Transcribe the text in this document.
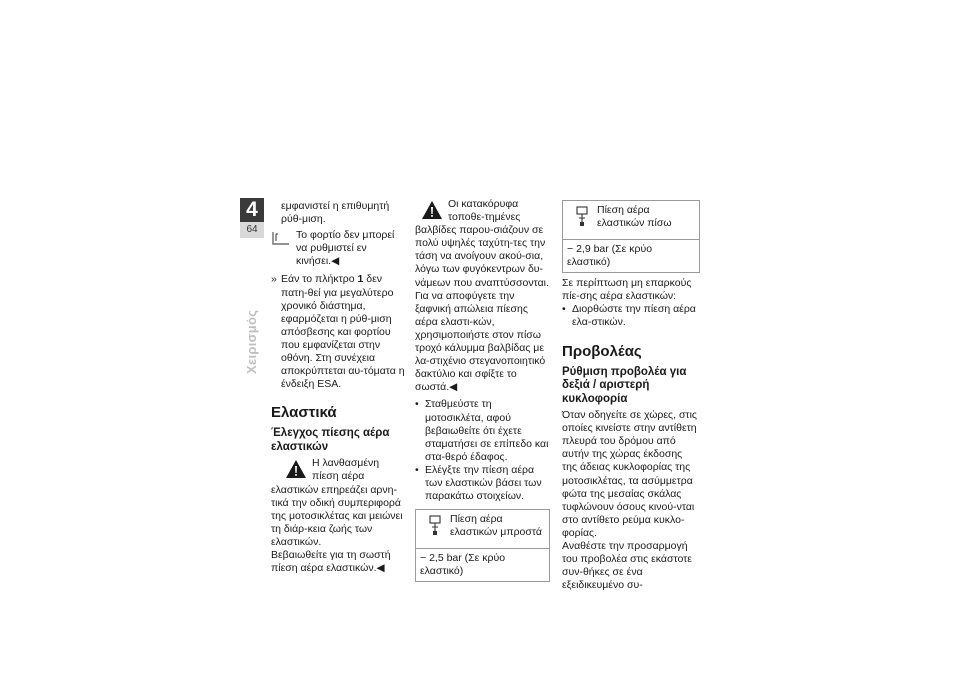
4
64
Χειρισμός

εμφανιστεί η επιθυμητή ρύθ-μιση.

Το φορτίο δεν μπορεί να ρυθμιστεί εν κινήσει.◀

» Εάν το πλήκτρο 1 δεν πατη-θεί για μεγαλύτερο χρονικό διάστημα, εφαρμόζεται η ρύθ-μιση απόσβεσης και φορτίου που εμφανίζεται στην οθόνη. Στη συνέχεια αποκρύπτεται αυ-τόματα η ένδειξη ESA.
Ελαστικά
Έλεγχος πίεσης αέρα ελαστικών

Η λανθασμένη πίεση αέρα ελαστικών επηρεάζει αρνη-τικά την οδική συμπεριφορά της μοτοσικλέτας και μειώνει τη διάρ-κεια ζωής των ελαστικών.

Βεβαιωθείτε για τη σωστή πίεση αέρα ελαστικών.◀

Οι κατακόρυφα τοποθε-τημένες βαλβίδες παρου-σιάζουν σε πολύ υψηλές ταχύτη-τες την τάση να ανοίγουν ακού-σια, λόγω των φυγόκεντρων δυ-νάμεων που αναπτύσσονται.

Για να αποφύγετε την ξαφνική απώλεια πίεσης αέρα ελαστι-κών, χρησιμοποιήστε στον πίσω τροχό κάλυμμα βαλβίδας με λα-στιχένιο στεγανοποιητικό δακτύλιο και σφίξτε το σωστά.◀

• Σταθμεύστε τη μοτοσικλέτα, αφού βεβαιωθείτε ότι έχετε σταματήσει σε επίπεδο και στα-θερό έδαφος.
• Ελέγξτε την πίεση αέρα των ελαστικών βάσει των παρακάτω στοιχείων.

Πίεση αέρα ελαστικών μπροστά

− 2,5 bar (Σε κρύο ελαστικό)

Πίεση αέρα ελαστικών πίσω

− 2,9 bar (Σε κρύο ελαστικό)

Σε περίπτωση μη επαρκούς πίε-σης αέρα ελαστικών:

• Διορθώστε την πίεση αέρα ελα-στικών.
Προβολέας
Ρύθμιση προβολέα για δεξιά / αριστερή κυκλοφορία

Όταν οδηγείτε σε χώρες, στις οποίες κινείστε στην αντίθετη πλευρά του δρόμου από αυτήν της χώρας έκδοσης της άδειας κυκλοφορίας της μοτοσικλέτας, τα ασύμμετρα φώτα της μεσαίας σκάλας τυφλώνουν όσους κινού-νται στο αντίθετο ρεύμα κυκλο-φορίας.

Αναθέστε την προσαρμογή του προβολέα στις εκάστοτε συν-θήκες σε ένα εξειδικευμένο συ-
